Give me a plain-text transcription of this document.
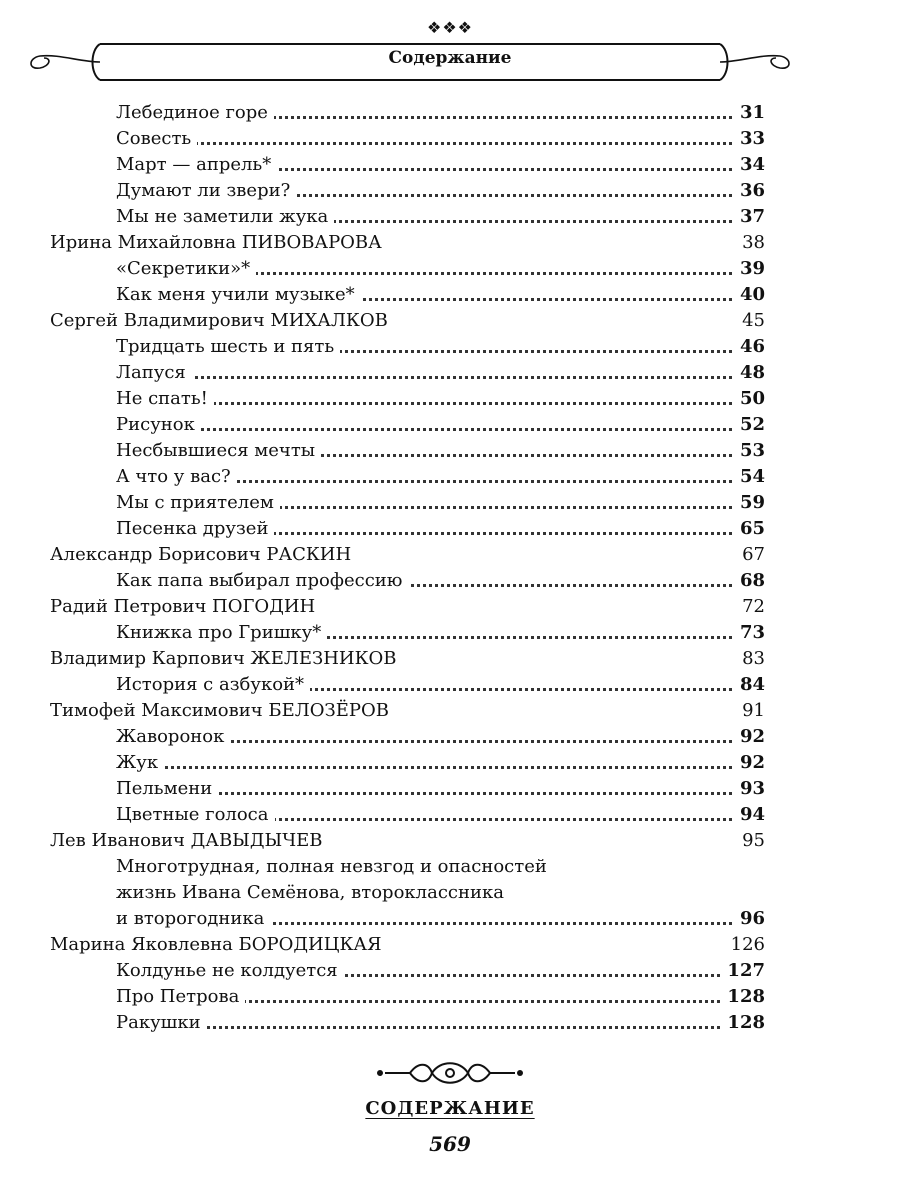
❖❖❖
Содержание
Лебединое горе	31
Совесть	33
Март — апрель*	34
Думают ли звери?	36
Мы не заметили жука	37
Ирина Михайловна ПИВОВАРОВА	38
«Секретики»*	39
Как меня учили музыке*	40
Сергей Владимирович МИХАЛКОВ	45
Тридцать шесть и пять	46
Лапуся	48
Не спать!	50
Рисунок	52
Несбывшиеся мечты	53
А что у вас?	54
Мы с приятелем	59
Песенка друзей	65
Александр Борисович РАСКИН	67
Как папа выбирал профессию	68
Радий Петрович ПОГОДИН	72
Книжка про Гришку*	73
Владимир Карпович ЖЕЛЕЗНИКОВ	83
История с азбукой*	84
Тимофей Максимович БЕЛОЗЁРОВ	91
Жаворонок	92
Жук	92
Пельмени	93
Цветные голоса	94
Лев Иванович ДАВЫДЫЧЕВ	95
Многотрудная, полная невзгод и опасностей
жизнь Ивана Семёнова, второклассника
и второгодника	96
Марина Яковлевна БОРОДИЦКАЯ	126
Колдунье не колдуется	127
Про Петрова	128
Ракушки	128
СОДЕРЖАНИЕ
569
